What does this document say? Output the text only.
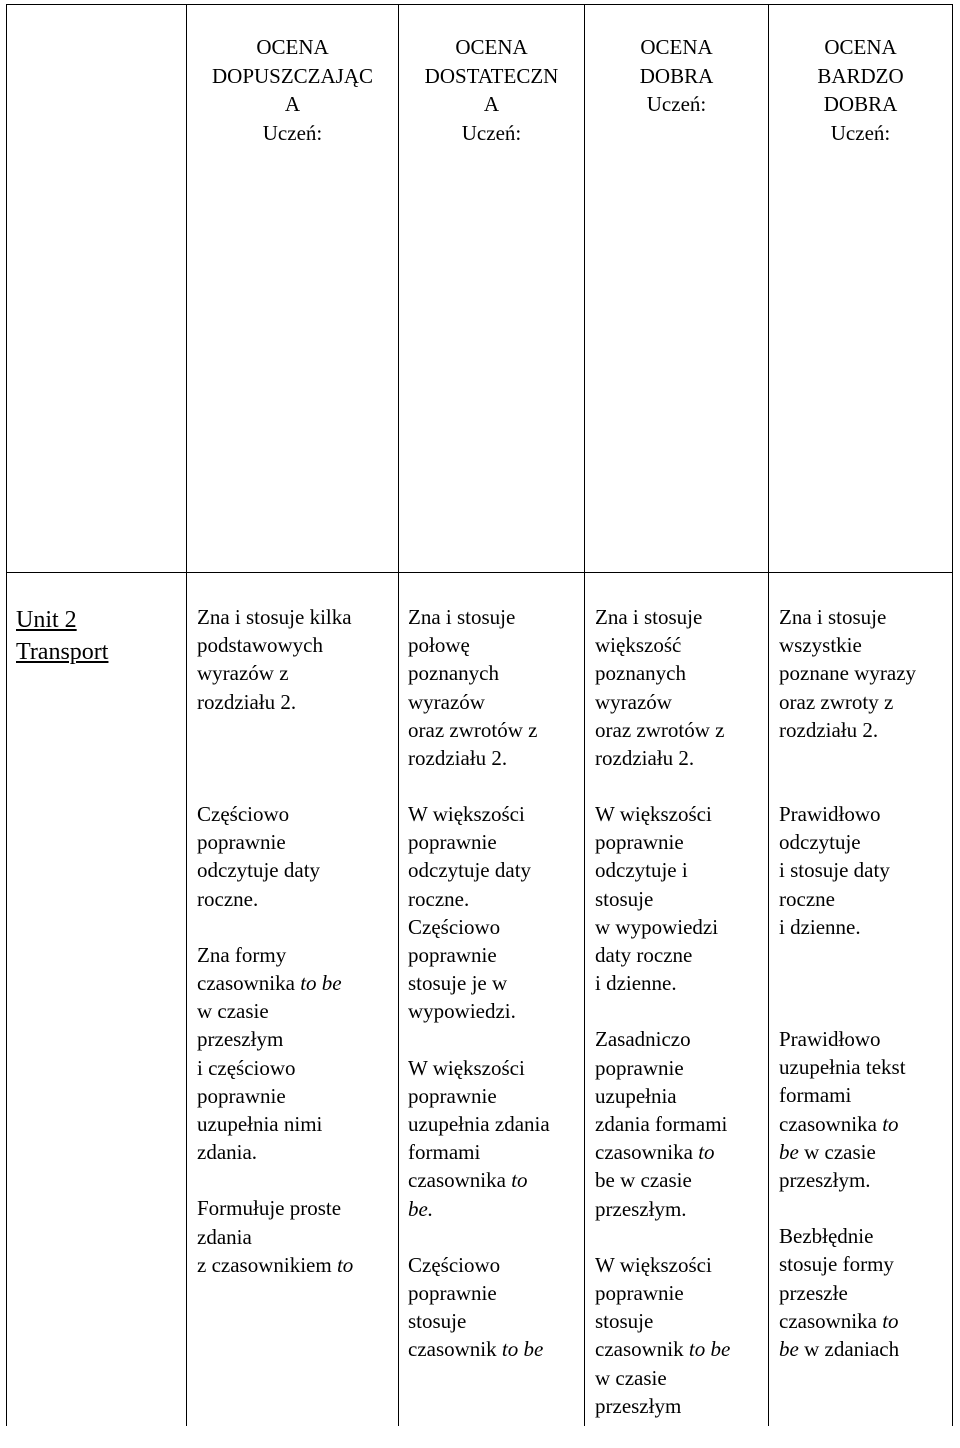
OCENA
DOPUSZCZAJĄC
A
Uczeń:
OCENA
DOSTATECZN
A
Uczeń:
OCENA
DOBRA
Uczeń:
OCENA
BARDZO
DOBRA
Uczeń:
Unit 2
Transport
Zna i stosuje kilka
podstawowych
wyrazów z
rozdziału 2.
Zna i stosuje
połowę
poznanych
wyrazów
oraz zwrotów z
rozdziału 2.
Zna i stosuje
większość
poznanych
wyrazów
oraz zwrotów z
rozdziału 2.
Zna i stosuje
wszystkie
poznane wyrazy
oraz zwroty z
rozdziału 2.

Częściowo
poprawnie
odczytuje daty
roczne.

Zna formy
czasownika to be
w czasie
przeszłym
i częściowo
poprawnie
uzupełnia nimi
zdania.

Formułuje proste
zdania
z czasownikiem to

W większości
poprawnie
odczytuje daty
roczne.
Częściowo
poprawnie
stosuje je w
wypowiedzi.

W większości
poprawnie
uzupełnia zdania
formami
czasownika to
be.

Częściowo
poprawnie
stosuje
czasownik to be

W większości
poprawnie
odczytuje i
stosuje
w wypowiedzi
daty roczne
i dzienne.

Zasadniczo
poprawnie
uzupełnia
zdania formami
czasownika to
be w czasie
przeszłym.

W większości
poprawnie
stosuje
czasownik to be
w czasie
przeszłym

Prawidłowo
odczytuje
i stosuje daty
roczne
i dzienne.

Prawidłowo
uzupełnia tekst
formami
czasownika to
be w czasie
przeszłym.

Bezbłędnie
stosuje formy
przeszłe
czasownika to
be w zdaniach
